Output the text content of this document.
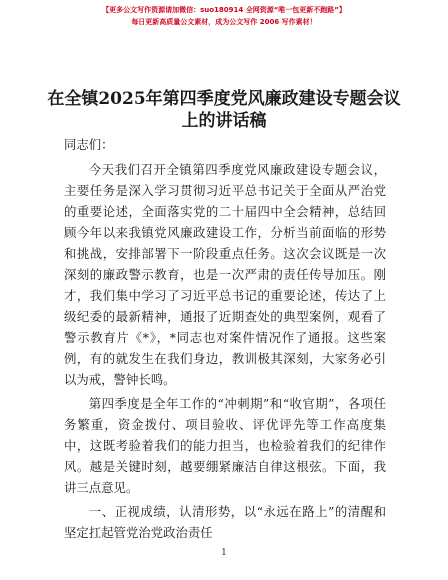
【更多公文写作资源请加微信：suo180914 全网资源“唯一包更新不跑路”】
每日更新高质量公文素材，成为公文写作 2006 写作素材！
在全镇2025年第四季度党风廉政建设专题会议
上的讲话稿

同志们：

今天我们召开全镇第四季度党风廉政建设专题会议，主要任务是深入学习贯彻习近平总书记关于全面从严治党的重要论述，全面落实党的二十届四中全会精神，总结回顾今年以来我镇党风廉政建设工作，分析当前面临的形势和挑战，安排部署下一阶段重点任务。这次会议既是一次深刻的廉政警示教育，也是一次严肃的责任传导加压。刚才，我们集中学习了习近平总书记的重要论述，传达了上级纪委的最新精神，通报了近期查处的典型案例，观看了警示教育片《*》，*同志也对案件情况作了通报。这些案例，有的就发生在我们身边，教训极其深刻，大家务必引以为戒，警钟长鸣。

第四季度是全年工作的“冲刺期”和“收官期”，各项任务繁重，资金拨付、项目验收、评优评先等工作高度集中，这既考验着我们的能力担当，也检验着我们的纪律作风。越是关键时刻，越要绷紧廉洁自律这根弦。下面，我讲三点意见。

一、正视成绩，认清形势，以“永远在路上”的清醒和坚定扛起管党治党政治责任

1
